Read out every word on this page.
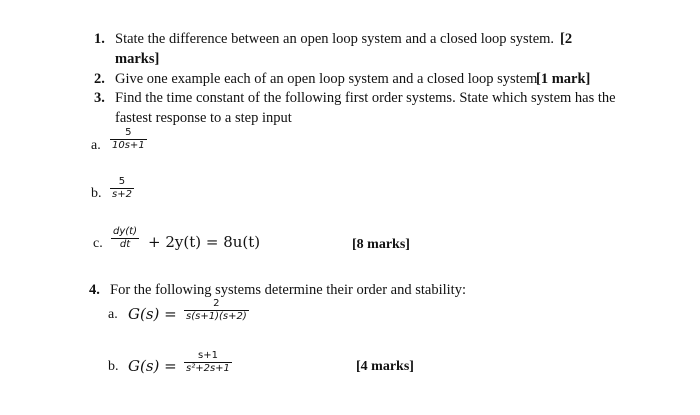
1. State the difference between an open loop system and a closed loop system. [2
marks]
2. Give one example each of an open loop system and a closed loop system
[1 mark]
3. Find the time constant of the following first order systems. State which system has the
fastest response to a step input
a. $\frac{5}{10s+1}$
b. $\frac{5}{s+2}$
c. $\frac{dy(t)}{dt} + 2y(t) = 8u(t)$	[8 marks]
4. For the following systems determine their order and stability:
a. $G(s) = \frac{2}{s(s+1)(s+2)}$
b. $G(s) = \frac{s+1}{\text{s²+2s+1}}$	[4 marks]
